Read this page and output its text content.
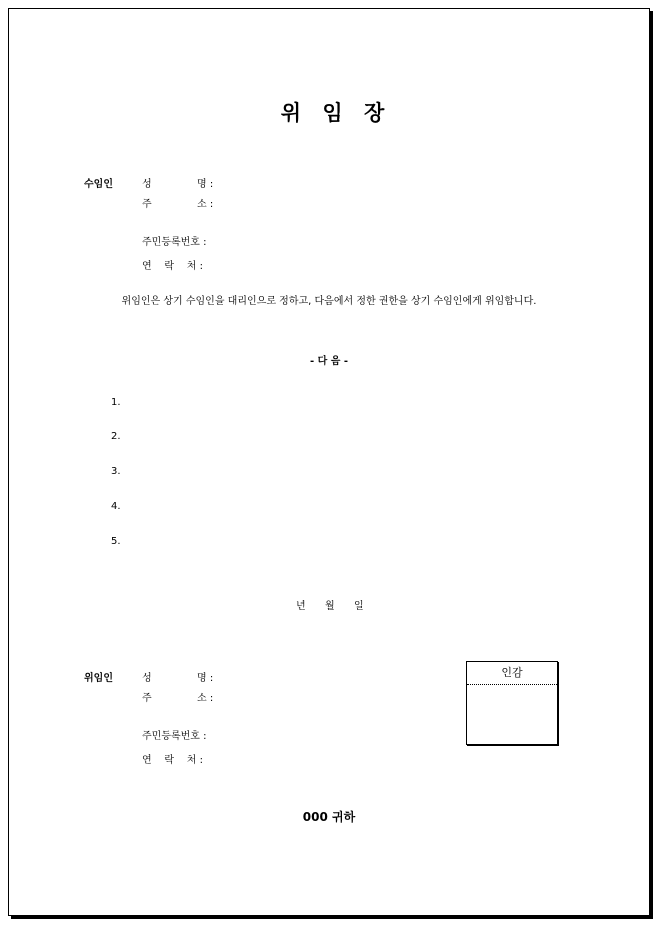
위 임 장
수임인	성	명 :
주	소 :
주민등록번호 :
연    락    처 :
위임인은 상기 수임인을 대리인으로 정하고, 다음에서 정한 권한을 상기 수임인에게 위임합니다.
- 다 음 -
1.
2.
3.
4.
5.
년 월 일
위임인	성	명 :
주	소 :
주민등록번호 :
연    락    처 :
인감
000 귀하
